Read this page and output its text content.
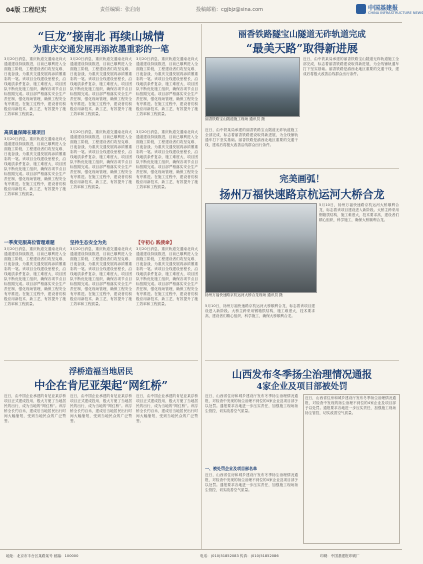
04版 工程纪实	责任编辑：张启南	投稿邮箱：cgjbjz@sina.com	中国基建报
CHINA INFRASTRUCTURE NEWS
“巨龙”接南北 再续山城情
为重庆交通发展再添浓墨重彩的一笔
3月20日消息，重庆轨道交通南北向大通道建设持续推进，目前已顺利进入全面施工阶段，工程建设者们攻坚克难、日夜奋战，为重庆交通发展再添浓墨重彩的一笔。该项目全线建设里程长，沿线地质条件复杂，施工难度大，项目团队不断优化施工组织，确保各项节点目标按期完成。项目部严格落实安全生产责任制，强化现场管理，确保工程安全有序推进。在施工过程中，建设者们积极应用新技术、新工艺，有效提升了施工效率和工程质量。
3月20日消息，重庆轨道交通南北向大通道建设持续推进，目前已顺利进入全面施工阶段，工程建设者们攻坚克难、日夜奋战，为重庆交通发展再添浓墨重彩的一笔。该项目全线建设里程长，沿线地质条件复杂，施工难度大，项目团队不断优化施工组织，确保各项节点目标按期完成。项目部严格落实安全生产责任制，强化现场管理，确保工程安全有序推进。在施工过程中，建设者们积极应用新技术、新工艺，有效提升了施工效率和工程质量。
3月20日消息，重庆轨道交通南北向大通道建设持续推进，目前已顺利进入全面施工阶段，工程建设者们攻坚克难、日夜奋战，为重庆交通发展再添浓墨重彩的一笔。该项目全线建设里程长，沿线地质条件复杂，施工难度大，项目团队不断优化施工组织，确保各项节点目标按期完成。项目部严格落实安全生产责任制，强化现场管理，确保工程安全有序推进。在施工过程中，建设者们积极应用新技术、新工艺，有效提升了施工效率和工程质量。
高质量保障在建项目
3月20日消息，重庆轨道交通南北向大通道建设持续推进，目前已顺利进入全面施工阶段，工程建设者们攻坚克难、日夜奋战，为重庆交通发展再添浓墨重彩的一笔。该项目全线建设里程长，沿线地质条件复杂，施工难度大，项目团队不断优化施工组织，确保各项节点目标按期完成。项目部严格落实安全生产责任制，强化现场管理，确保工程安全有序推进。在施工过程中，建设者们积极应用新技术、新工艺，有效提升了施工效率和工程质量。
3月20日消息，重庆轨道交通南北向大通道建设持续推进，目前已顺利进入全面施工阶段，工程建设者们攻坚克难、日夜奋战，为重庆交通发展再添浓墨重彩的一笔。该项目全线建设里程长，沿线地质条件复杂，施工难度大，项目团队不断优化施工组织，确保各项节点目标按期完成。项目部严格落实安全生产责任制，强化现场管理，确保工程安全有序推进。在施工过程中，建设者们积极应用新技术、新工艺，有效提升了施工效率和工程质量。
3月20日消息，重庆轨道交通南北向大通道建设持续推进，目前已顺利进入全面施工阶段，工程建设者们攻坚克难、日夜奋战，为重庆交通发展再添浓墨重彩的一笔。该项目全线建设里程长，沿线地质条件复杂，施工难度大，项目团队不断优化施工组织，确保各项节点目标按期完成。项目部严格落实安全生产责任制，强化现场管理，确保工程安全有序推进。在施工过程中，建设者们积极应用新技术、新工艺，有效提升了施工效率和工程质量。
一季度克服高位管理难题
3月20日消息，重庆轨道交通南北向大通道建设持续推进，目前已顺利进入全面施工阶段，工程建设者们攻坚克难、日夜奋战，为重庆交通发展再添浓墨重彩的一笔。该项目全线建设里程长，沿线地质条件复杂，施工难度大，项目团队不断优化施工组织，确保各项节点目标按期完成。项目部严格落实安全生产责任制，强化现场管理，确保工程安全有序推进。在施工过程中，建设者们积极应用新技术、新工艺，有效提升了施工效率和工程质量。
坚持生态安全为先
3月20日消息，重庆轨道交通南北向大通道建设持续推进，目前已顺利进入全面施工阶段，工程建设者们攻坚克难、日夜奋战，为重庆交通发展再添浓墨重彩的一笔。该项目全线建设里程长，沿线地质条件复杂，施工难度大，项目团队不断优化施工组织，确保各项节点目标按期完成。项目部严格落实安全生产责任制，强化现场管理，确保工程安全有序推进。在施工过程中，建设者们积极应用新技术、新工艺，有效提升了施工效率和工程质量。
【守初心 践使命】
3月20日消息，重庆轨道交通南北向大通道建设持续推进，目前已顺利进入全面施工阶段，工程建设者们攻坚克难、日夜奋战，为重庆交通发展再添浓墨重彩的一笔。该项目全线建设里程长，沿线地质条件复杂，施工难度大，项目团队不断优化施工组织，确保各项节点目标按期完成。项目部严格落实安全生产责任制，强化现场管理，确保工程安全有序推进。在施工过程中，建设者们积极应用新技术、新工艺，有效提升了施工效率和工程质量。
浮桥造福当地居民
中企在肯尼亚架起“网红桥”
近日，由中国企业承建的肯尼亚某浮桥项目正式建成投用，极大方便了当地居民的出行，成为当地的“网红桥”。该浮桥全长约百米，建成后当地居民出行时间大幅缩短，受到当地民众的广泛赞誉。
近日，由中国企业承建的肯尼亚某浮桥项目正式建成投用，极大方便了当地居民的出行，成为当地的“网红桥”。该浮桥全长约百米，建成后当地居民出行时间大幅缩短，受到当地民众的广泛赞誉。
近日，由中国企业承建的肯尼亚某浮桥项目正式建成投用，极大方便了当地居民的出行，成为当地的“网红桥”。该浮桥全长约百米，建成后当地居民出行时间大幅缩短，受到当地民众的广泛赞誉。
丽香铁路隧宝山隧道无砟轨道完成
“最美天路”取得新进展
丽香铁路宝山隧道施工现场 通讯员 摄
近日，由中铁某局承建的丽香铁路宝山隧道无砟轨道施工全部完成，标志着丽香铁路建设取得新进展，为全线铺轨通车打下坚实基础。丽香铁路是滇西北地区重要的交通干线，建成后将极大改善沿线群众出行条件。
近日，由中铁某局承建的丽香铁路宝山隧道无砟轨道施工全部完成，标志着丽香铁路建设取得新进展，为全线铺轨通车打下坚实基础。丽香铁路是滇西北地区重要的交通干线，建成后将极大改善沿线群众出行条件。
完美画弧！
扬州万福快速路京杭运河大桥合龙
扬州万福快速路京杭运河大桥合龙现场 通讯员 摄
5月10日，扬州万福快速路京杭运河大桥顺利合龙，标志着该项目建设进入新阶段。大桥主跨采用钢箱拱结构，施工难度大，技术要求高，建设者们精心组织，科学施工，确保大桥顺利合龙。
5月10日，扬州万福快速路京杭运河大桥顺利合龙，标志着该项目建设进入新阶段。大桥主跨采用钢箱拱结构，施工难度大，技术要求高，建设者们精心组织，科学施工，确保大桥顺利合龙。
山西发布冬季扬尘治理情况通报
4家企业及项目部被处罚
近日，山西省住房和城乡建设厅发布冬季扬尘治理情况通报，对检查中发现的扬尘治理不到位的4家企业及项目部予以处罚。通报要求各地进一步压实责任，加强施工现场扬尘管控，切实改善空气质量。
一、被处罚企业及项目部名单
近日，山西省住房和城乡建设厅发布冬季扬尘治理情况通报，对检查中发现的扬尘治理不到位的4家企业及项目部予以处罚。通报要求各地进一步压实责任，加强施工现场扬尘管控，切实改善空气质量。
近日，山西省住房和城乡建设厅发布冬季扬尘治理情况通报，对检查中发现的扬尘治理不到位的4家企业及项目部予以处罚。通报要求各地进一步压实责任，加强施工现场扬尘管控，切实改善空气质量。
地址：北京市丰台区某路某号 邮编：100000	电话：(010)51852083 传真：(010)51852086	印刷：中国基建报印刷厂
